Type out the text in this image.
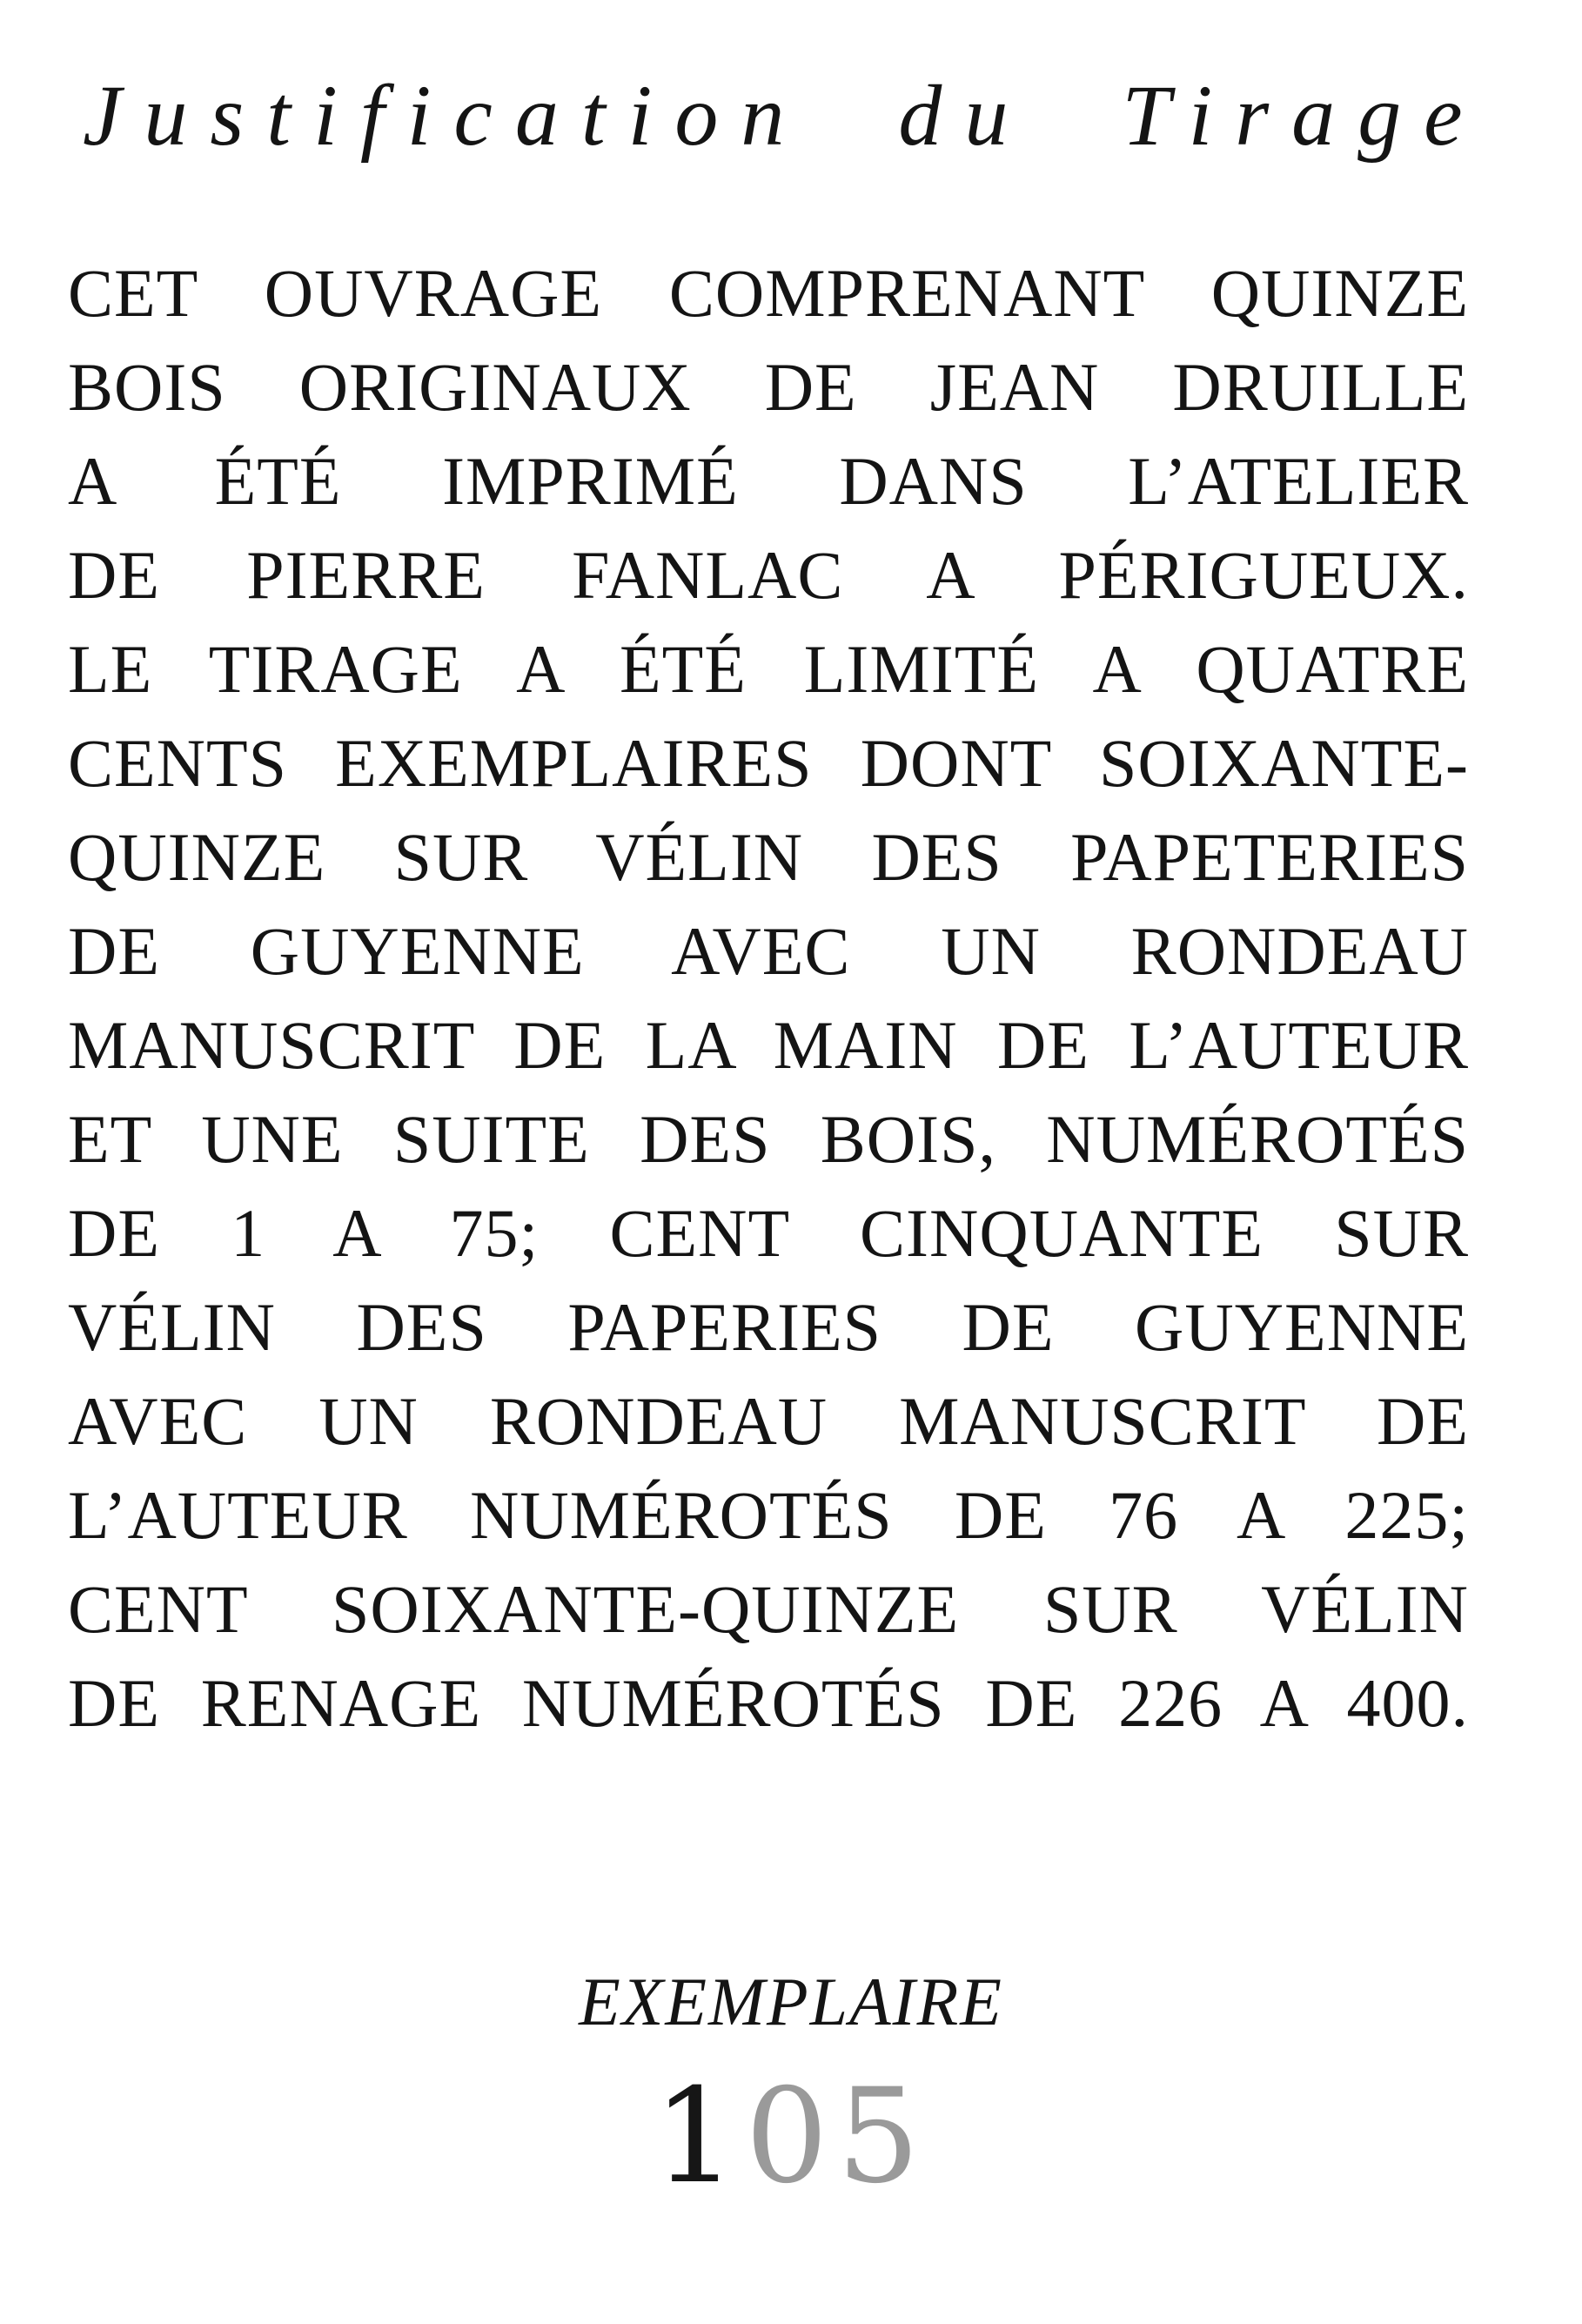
Justification du Tirage
CET OUVRAGE COMPRENANT QUINZE
BOIS ORIGINAUX DE JEAN DRUILLE
A ÉTÉ IMPRIMÉ DANS L’ATELIER
DE PIERRE FANLAC A PÉRIGUEUX.
LE TIRAGE A ÉTÉ LIMITÉ A QUATRE
CENTS EXEMPLAIRES DONT SOIXANTE-
QUINZE SUR VÉLIN DES PAPETERIES
DE GUYENNE AVEC UN RONDEAU
MANUSCRIT DE LA MAIN DE L’AUTEUR
ET UNE SUITE DES BOIS, NUMÉROTÉS
DE 1 A 75; CENT CINQUANTE SUR
VÉLIN DES PAPERIES DE GUYENNE
AVEC UN RONDEAU MANUSCRIT DE
L’AUTEUR NUMÉROTÉS DE 76 A 225;
CENT SOIXANTE-QUINZE SUR VÉLIN
DE RENAGE NUMÉROTÉS DE 226 A 400.
EXEMPLAIRE
105
